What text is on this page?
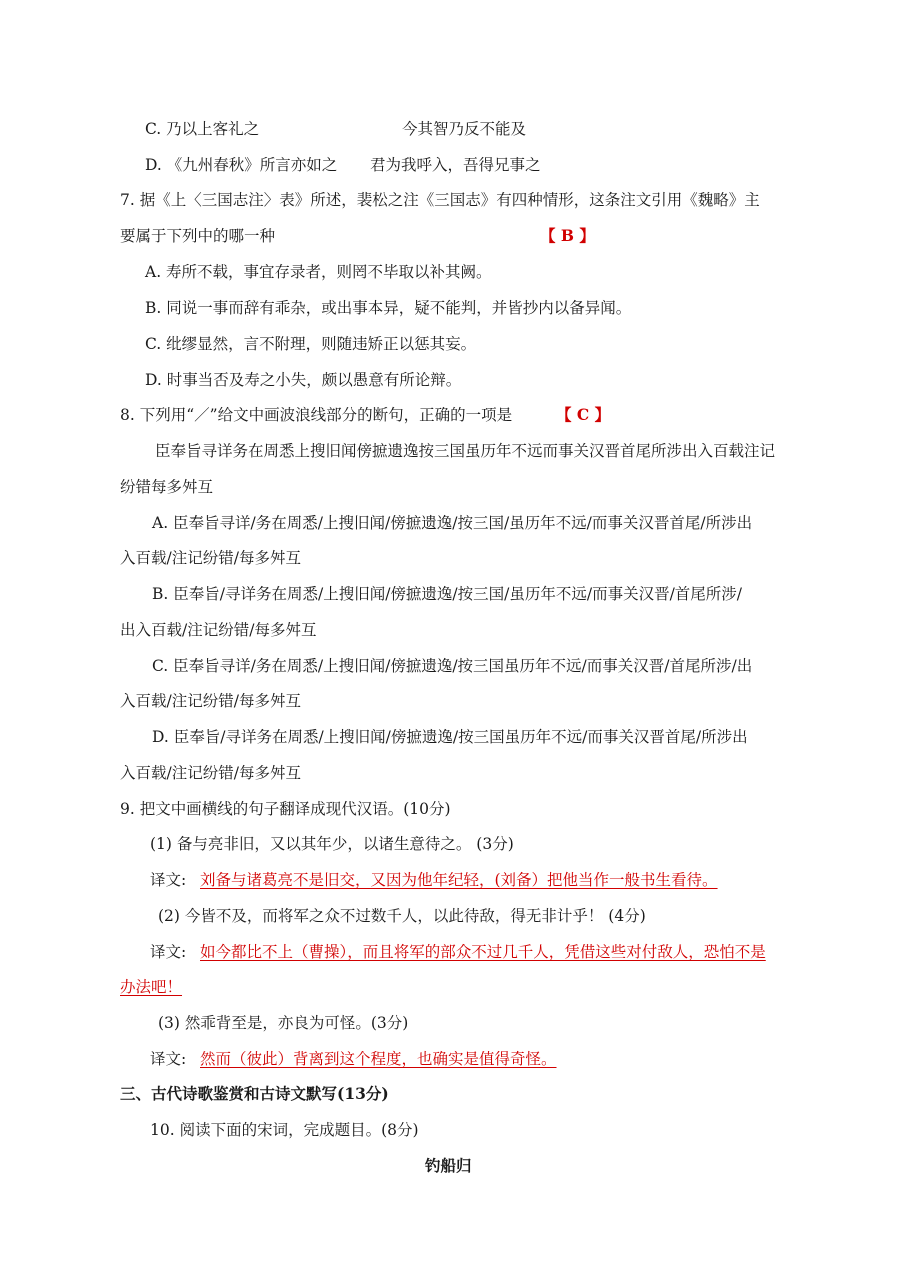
C. 乃以上客礼之	今其智乃反不能及
D. 《九州春秋》所言亦如之 君为我呼入，吾得兄事之
7. 据《上〈三国志注〉表》所述，裴松之注《三国志》有四种情形，这条注文引用《魏略》主
要属于下列中的哪一种	【 B 】
A. 寿所不载，事宜存录者，则罔不毕取以补其阙。
B. 同说一事而辞有乖杂，或出事本异，疑不能判，并皆抄内以备异闻。
C. 纰缪显然，言不附理，则随违矫正以惩其妄。
D. 时事当否及寿之小失，颇以愚意有所论辩。
8. 下列用“／”给文中画波浪线部分的断句，正确的一项是	【 C 】
臣奉旨寻详务在周悉上搜旧闻傍摭遗逸按三国虽历年不远而事关汉晋首尾所涉出入百载注记
纷错每多舛互
A. 臣奉旨寻详/务在周悉/上搜旧闻/傍摭遗逸/按三国/虽历年不远/而事关汉晋首尾/所涉出
入百载/注记纷错/每多舛互
B. 臣奉旨/寻详务在周悉/上搜旧闻/傍摭遗逸/按三国/虽历年不远/而事关汉晋/首尾所涉/
出入百载/注记纷错/每多舛互
C. 臣奉旨寻详/务在周悉/上搜旧闻/傍摭遗逸/按三国虽历年不远/而事关汉晋/首尾所涉/出
入百载/注记纷错/每多舛互
D. 臣奉旨/寻详务在周悉/上搜旧闻/傍摭遗逸/按三国虽历年不远/而事关汉晋首尾/所涉出
入百载/注记纷错/每多舛互
9. 把文中画横线的句子翻译成现代汉语。(10分)
(1) 备与亮非旧，又以其年少，以诸生意待之。 (3分)
译文: 刘备与诸葛亮不是旧交，又因为他年纪轻，(刘备）把他当作一般书生看待。
(2) 今皆不及，而将军之众不过数千人，以此待敌，得无非计乎！ (4分)
译文: 如今都比不上（曹操），而且将军的部众不过几千人，凭借这些对付敌人，恐怕不是
办法吧！
(3) 然乖背至是，亦良为可怪。(3分)
译文: 然而（彼此）背离到这个程度，也确实是值得奇怪。
三、古代诗歌鉴赏和古诗文默写(13分)
10. 阅读下面的宋词，完成题目。(8分)
钓船归
